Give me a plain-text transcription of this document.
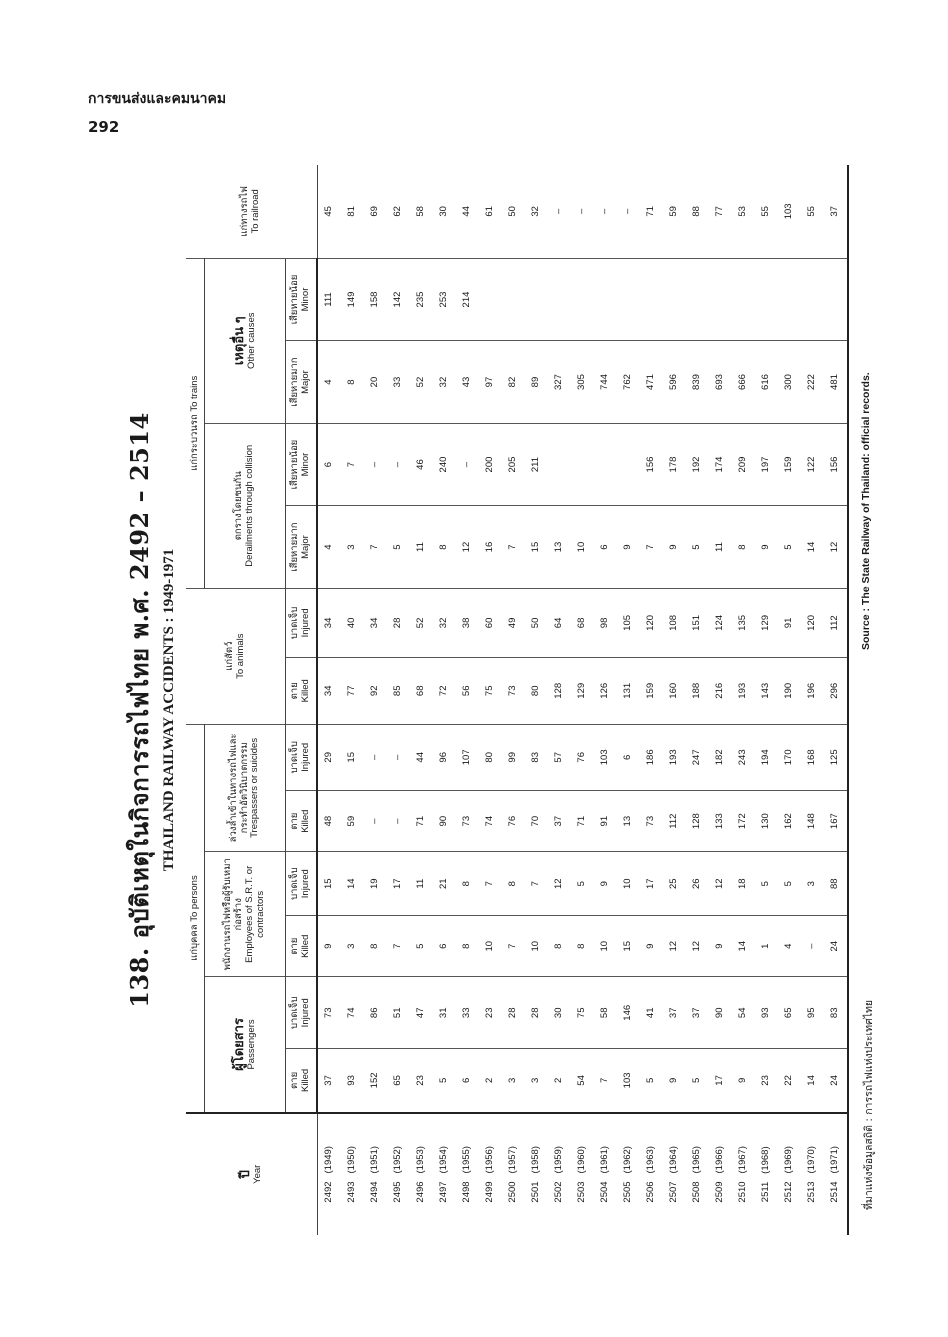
การขนส่งและคมนาคม
292
138. อุบัติเหตุในกิจการรถไฟไทย พ.ศ. 2492 – 2514 THAILAND RAILWAY ACCIDENTS : 1949-1971
ปี Year	แก่บุคคล To persons						แก่สัตว์ To animals		แก่กระบวนรถ To trains				แก่ทางรถไฟ To railroad

	ผู้โดยสาร Passengers		พนักงานรถไฟหรือผู้รับเหมาก่อสร้าง Employees of S.R.T. or contractors		ล่วงล้ำเข้าในทางรถไฟและกระทำอัตวินิบาตกรรม Trespassers or suicides				ตกรางโดยชนกัน Derailments through collision		เหตุอื่น ๆ Other causes		

	ตาย Killed	บาดเจ็บ Injured	ตาย Killed	บาดเจ็บ Injured	ตาย Killed	บาดเจ็บ Injured	ตาย Killed	บาดเจ็บ Injured	เสียหายมาก Major	เสียหายน้อย Minor	เสียหายมาก Major	เสียหายน้อย Minor	

2492   (1949)	37	73	9	15	48	29	34	34	4	6	4	111	45
2493   (1950)	93	74	3	14	59	15	77	40	3	7	8	149	81
2494   (1951)	152	86	8	19	–	–	92	34	7	–	20	158	69
2495   (1952)	65	51	7	17	–	–	85	28	5	–	33	142	62
2496   (1953)	23	47	5	11	71	44	68	52	11	46	52	235	58
2497   (1954)	5	31	6	21	90	96	72	32	8	240	32	253	30
2498   (1955)	6	33	8	8	73	107	56	38	12	–	43	214	44
2499   (1956)	2	23	10	7	74	80	75	60	16	200	97		61
2500   (1957)	3	28	7	8	76	99	73	49	7	205	82		50
2501   (1958)	3	28	10	7	70	83	80	50	15	211	89		32
2502   (1959)	2	30	8	12	37	57	128	64	13		327		–
2503   (1960)	54	75	8	5	71	76	129	68	10		305		–
2504   (1961)	7	58	10	9	91	103	126	98	6		744		–
2505   (1962)	103	146	15	10	13	6	131	105	9		762		–
2506   (1963)	5	41	9	17	73	186	159	120	7	156	471		71
2507   (1964)	9	37	12	25	112	193	160	108	9	178	596		59
2508   (1965)	5	37	12	26	128	247	188	151	5	192	839		88
2509   (1966)	17	90	9	12	133	182	216	124	11	174	693		77
2510   (1967)	9	54	14	18	172	243	193	135	8	209	666		53
2511   (1968)	23	93	1	5	130	194	143	129	9	197	616		55
2512   (1969)	22	65	4	5	162	170	190	91	5	159	300		103
2513   (1970)	14	95	–	3	148	168	196	120	14	122	222		55
2514   (1971)	24	83	24	88	167	125	296	112	12	156	481		37
ที่มาแห่งข้อมูลสถิติ : การรถไฟแห่งประเทศไทย
Source : The State Railway of Thailand: official records.
